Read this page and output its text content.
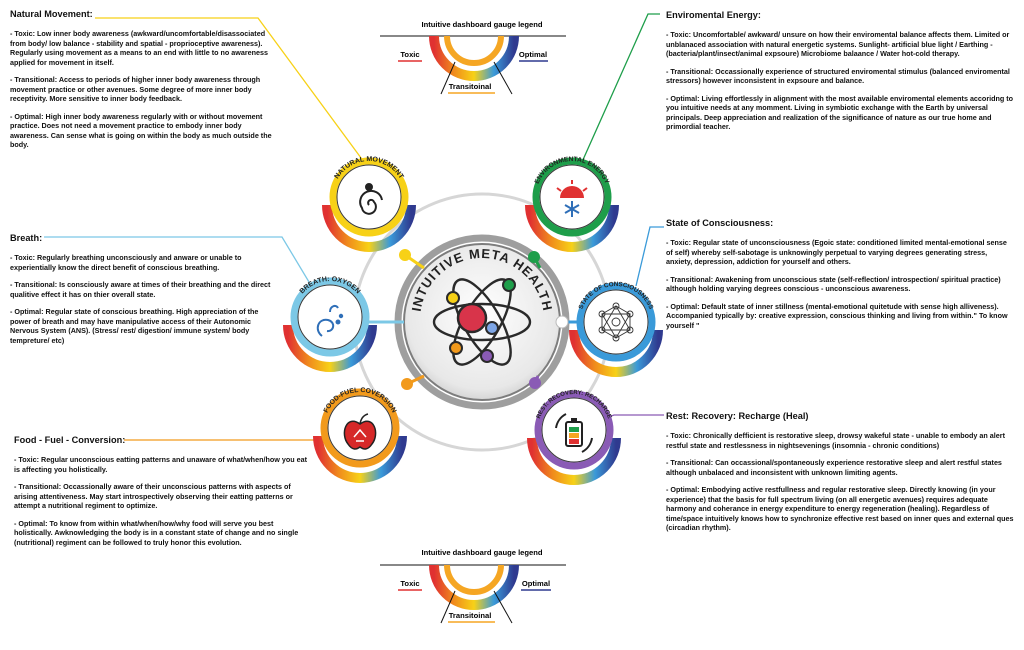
INTUITIVE META HEALTH
NATURAL MOVEMENT
ENVIRONMENTAL ENERGY
STATE OF CONSCIOUSNESS
REST: RECOVERY: RECHARGE
FOOD-FUEL COVERSION
BREATH: OXYGEN
Intuitive dashboard gauge legend
Toxic	Optimal
Transitoinal
Intuitive dashboard gauge legend
Toxic	Optimal
Transitoinal
Natural Movement:

- Toxic: Low inner body awareness (awkward/uncomfortable/disassociated from body/ low balance - stability and spatial - proprioceptive awareness). Regularly using movement as a means to an end with little to no awareness applied for movement in itself.

- Transitional: Access to periods of higher inner body awareness through movement practice or other avenues. Some degree of more inner body receptivity. More sensitive to inner body feedback.

- Optimal: High inner body awareness regularly with or without movement practice. Does not need a movement practice to embody inner body awareness. Can sense what is going on within the body as much outside the body.

Breath:

- Toxic: Regularly breathing unconsciously and anware or unable to experientially know the direct benefit of conscious breathing.

- Transitional: Is consciously aware at times of their breathing and the direct qualitive effect it has on thier overall state.

- Optimal: Regular state of conscious breathing. High appreciation of the power of breath and may have manipulative access of their Autonomic Nervous System (ANS). (Stress/ rest/ digestion/ immune system/ body tempreture/ etc)

Food - Fuel - Conversion:

- Toxic: Regular unconscious eatting patterns and unaware of what/when/how you eat is affecting you holistically.

- Transitional: Occassionally aware of their unconscious patterns with aspects of arising attentiveness. May start introspectively observing their eatting patterns or attempt a nutritional regiment to optimize.

- Optimal: To know from within what/when/how/why food will serve you best holistically. Awknowledging the body is in a constant state of change and no single (nutritional) regiment can be followed to truly honor this evolution.

Enviromental Energy:

- Toxic: Uncomfortable/ awkward/ unsure on how their enviromental balance affects them. Limited or unblanaced association with natural energetic systems. Sunlight- artificial blue light / Earthing - (bacteria/plant/insect/animal expsoure) Microbiome balaance / Water hot-cold therapy.

- Transitional: Occassionally experience of structured enviromental stimulus (balanced enviromental stressors) however inconsistent in expsoure and balance.

- Optimal: Living effortlessly in alignment with the most available enviromental elements accoridng to you intuitive needs at any momment. Living in symbiotic exchange with the Earth by universal principals. Deep appreciation and realization of the significance of nature as our true home and primordial teacher.

State of Consciousness:

- Toxic: Regular state of unconsciousness (Egoic state: conditioned limited mental-emotional sense of self) whereby self-sabotage is unknowingly perpetual to varying degrees generating stress, anxiety, depression, addiction for yourself and others.

- Transitional: Awakening from unconscious state (self-reflection/ introspection/ spiritual practice) although holding varying degrees conscious - unconscious awareness.

- Optimal: Default state of inner stillness (mental-emotional quitetude with sense high alliveness). Accompanied typically by: creative expression, conscious thinking and living from within." To know yourself "

Rest: Recovery: Recharge (Heal)

- Toxic: Chronically defficient is restorative sleep, drowsy wakeful state - unable to embody an alert restful state and restlessness in nightsevenings (insomnia - chronic conditions)

- Transitional: Can occassional/spontaneously experience restorative sleep and alert restful states although unbalaced and inconsistent with unknown limiting agents.

- Optimal: Embodying active restfullness and regular restorative sleep. Directly knowing (in your experience) that the basis for full spectrum living (on all energetic avenues) requires adequate harmony and coherance in energy expenditure to energy regeneration (healing). Regardless of time/space intuitively knows how to synchronize effective rest based on inner ques and external ques (circadian rhythm).
